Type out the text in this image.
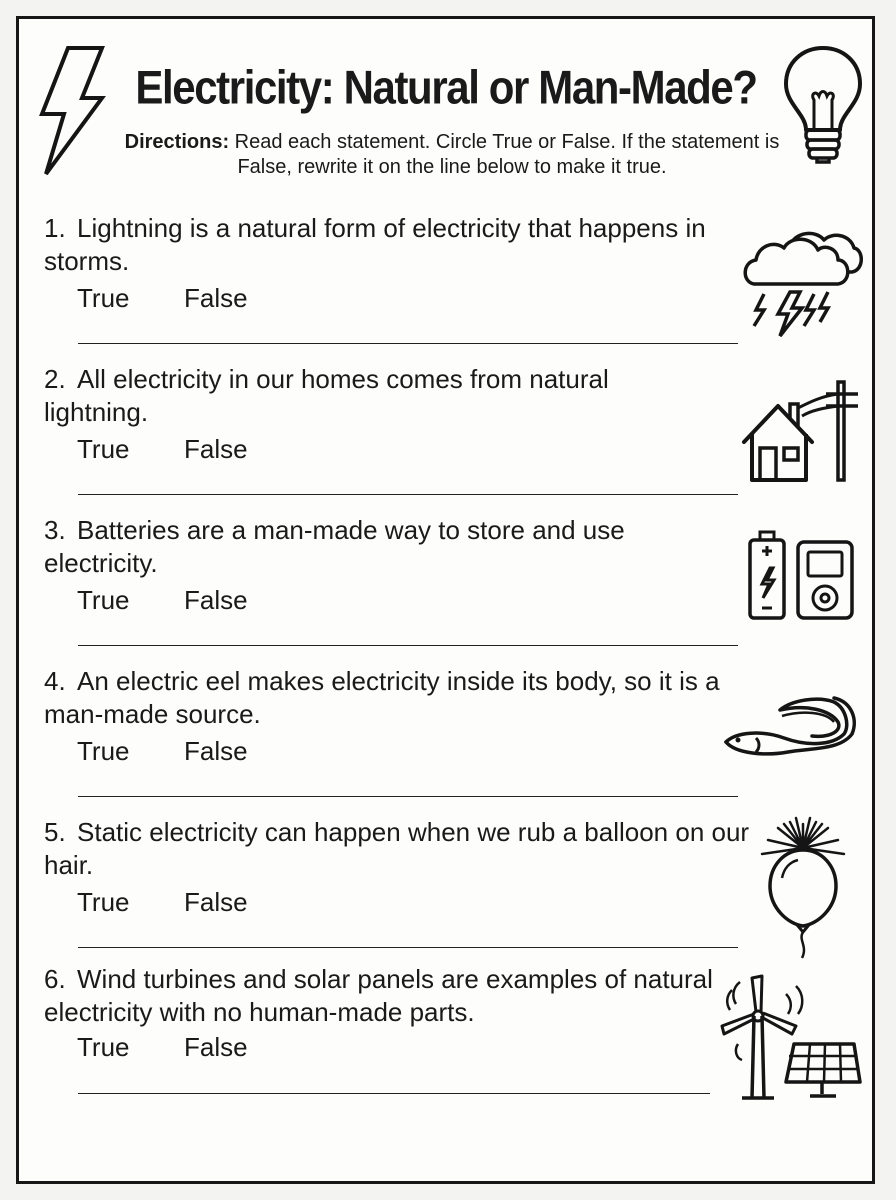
Electricity: Natural or Man-Made?
Directions: Read each statement. Circle True or False. If the statement is False, rewrite it on the line below to make it true.
1. Lightning is a natural form of electricity that happens in storms.
True False
2. All electricity in our homes comes from natural lightning.
True False
3. Batteries are a man-made way to store and use electricity.
True False
4. An electric eel makes electricity inside its body, so it is a man-made source.
True False
5. Static electricity can happen when we rub a balloon on our hair.
True False
6. Wind turbines and solar panels are examples of natural electricity with no human-made parts.
True False
